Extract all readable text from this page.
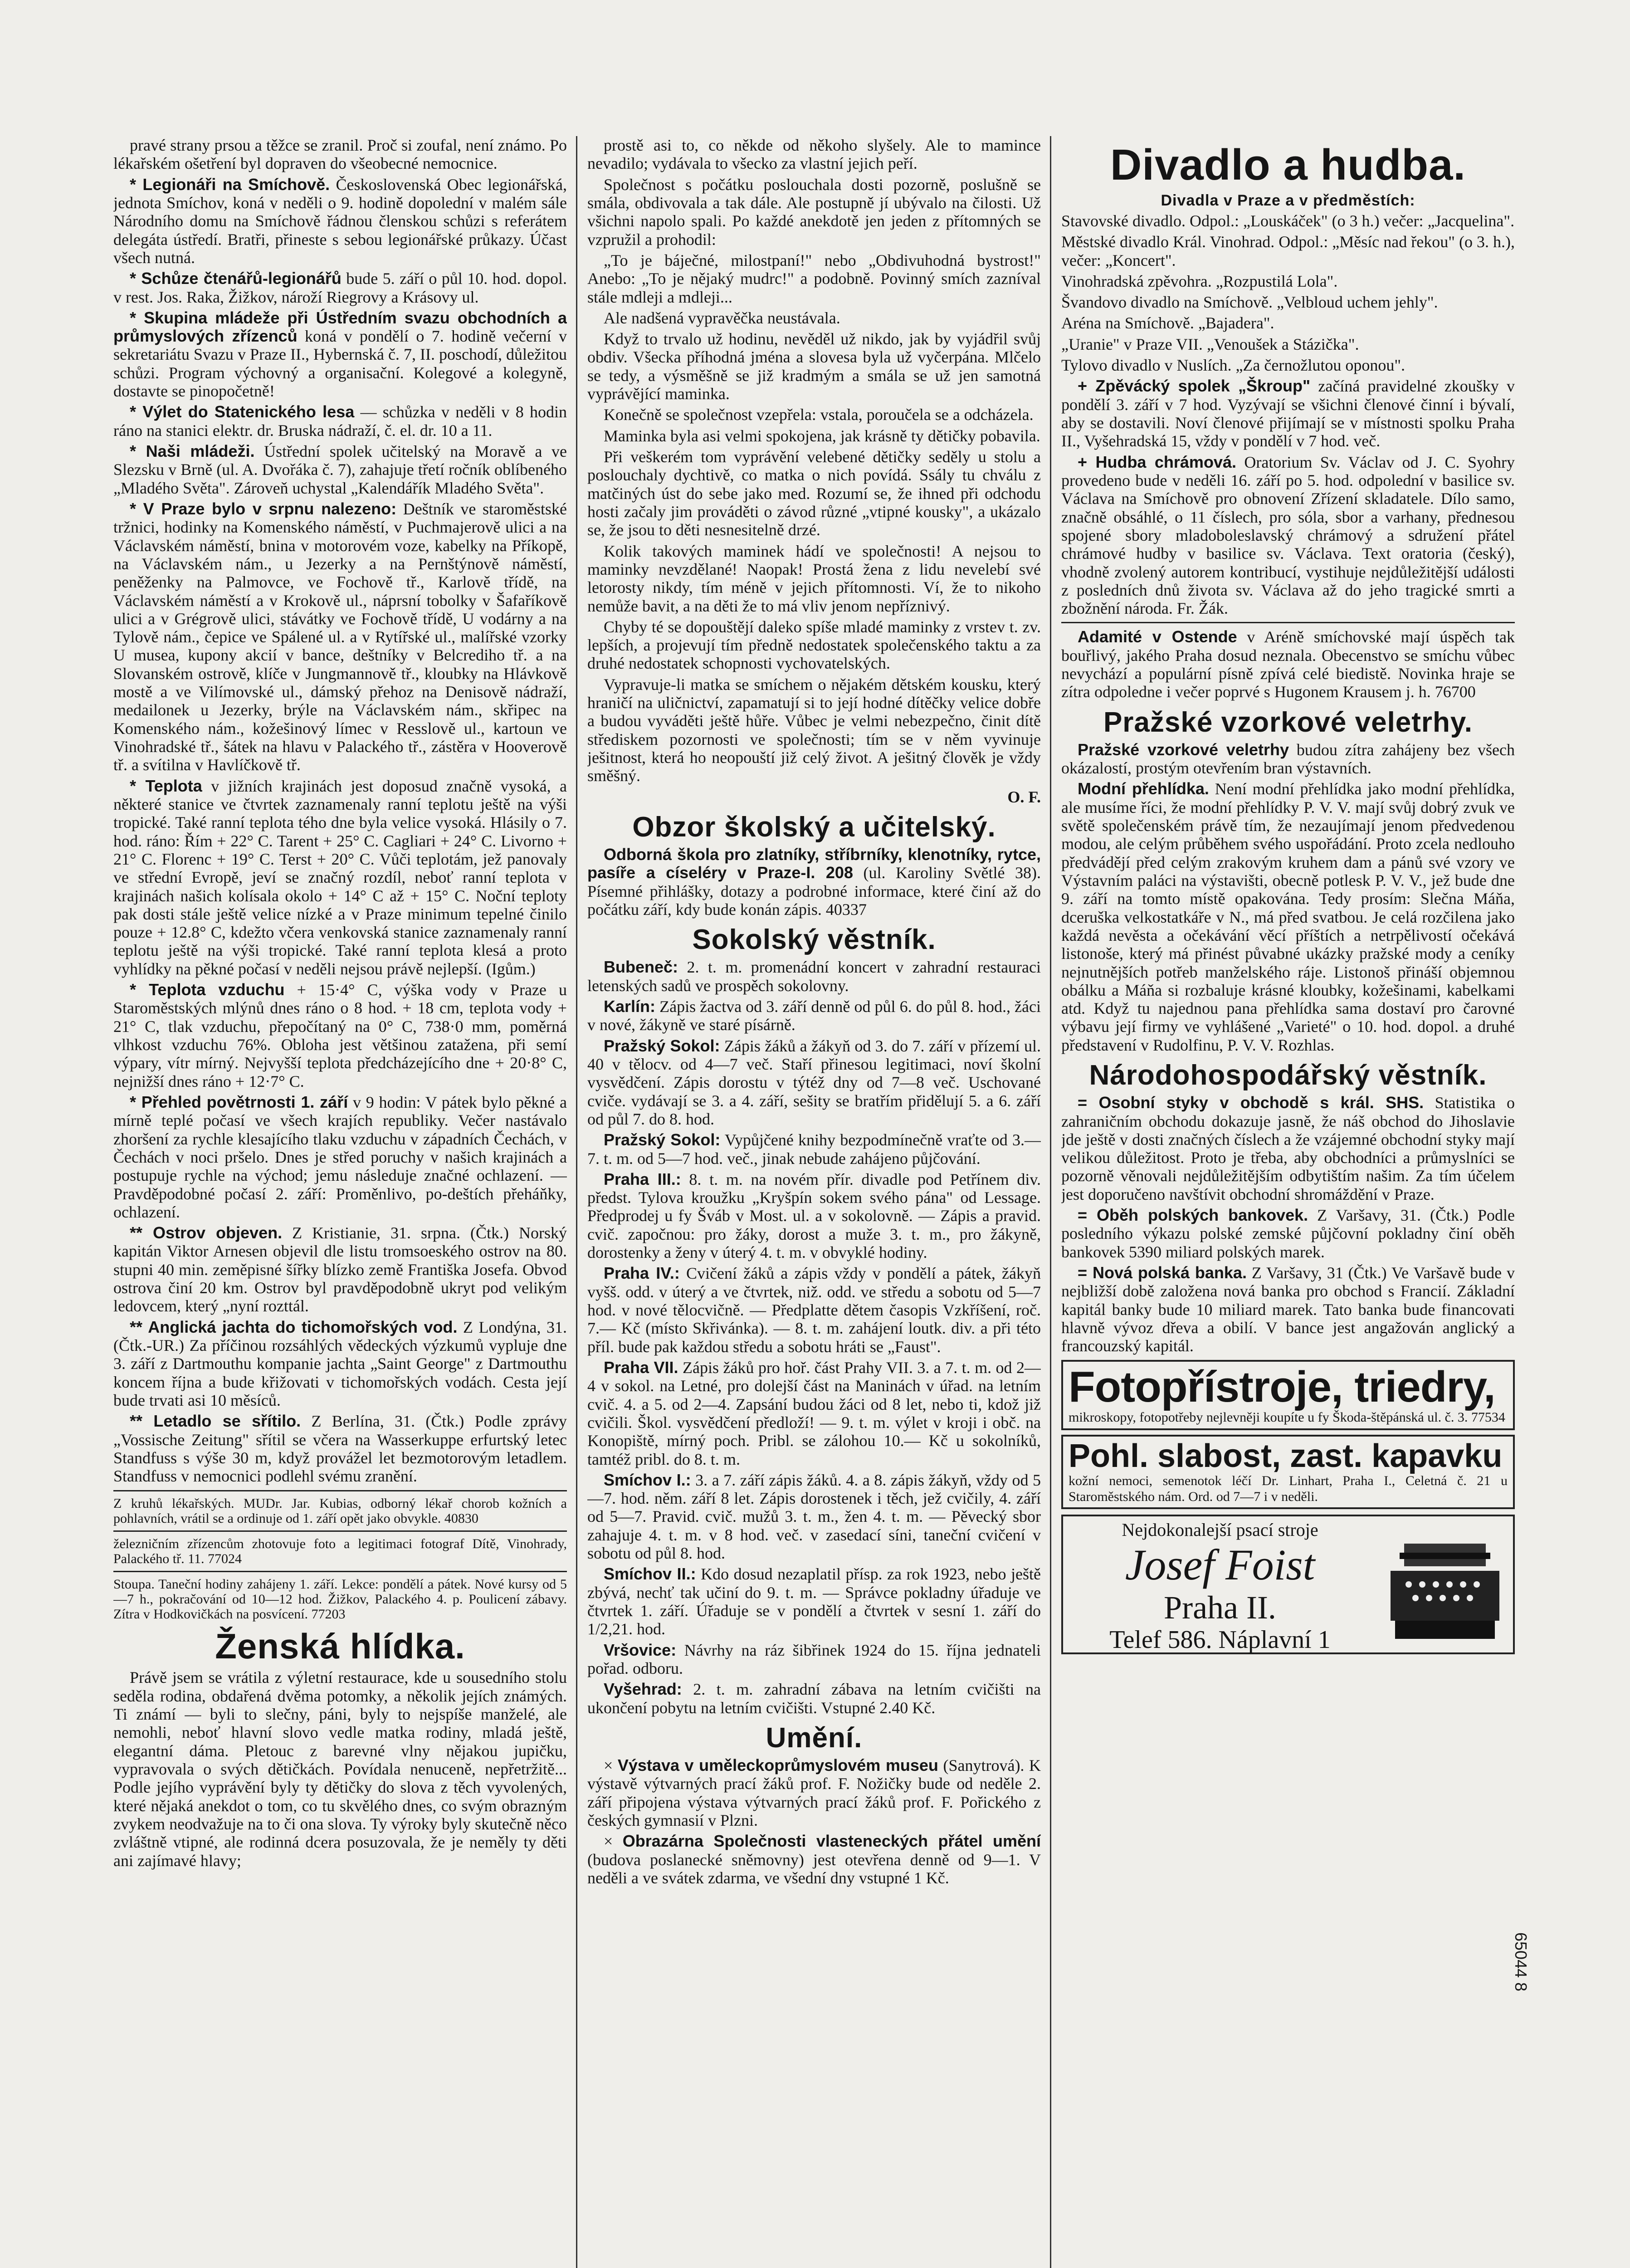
pravé strany prsou a těžce se zranil. Proč si zoufal, není známo. Po lékařském ošetření byl dopraven do všeobecné nemocnice.

* Legionáři na Smíchově. Československá Obec legionářská, jednota Smíchov, koná v neděli o 9. hodině dopolední v malém sále Národního domu na Smíchově řádnou členskou schůzi s referátem delegáta ústředí. Bratři, přineste s sebou legionářské průkazy. Účast všech nutná.

* Schůze čtenářů-legionářů bude 5. září o půl 10. hod. dopol. v rest. Jos. Raka, Žižkov, nároží Riegrovy a Krásovy ul.

* Skupina mládeže při Ústředním svazu obchodních a průmyslových zřízenců koná v pondělí o 7. hodině večerní v sekretariátu Svazu v Praze II., Hybernská č. 7, II. poschodí, důležitou schůzi. Program výchovný a organisační. Kolegové a kolegyně, dostavte se pinopočetně!

* Výlet do Statenického lesa — schůzka v neděli v 8 hodin ráno na stanici elektr. dr. Bruska nádraží, č. el. dr. 10 a 11.

* Naši mládeži. Ústřední spolek učitelský na Moravě a ve Slezsku v Brně (ul. A. Dvořáka č. 7), zahajuje třetí ročník oblíbeného „Mladého Světa". Zároveň uchystal „Kalendářík Mladého Světa".

* V Praze bylo v srpnu nalezeno: Deštník ve staroměstské tržnici, hodinky na Komenského náměstí, v Puchmajerově ulici a na Václavském náměstí, bnina v motorovém voze, kabelky na Příkopě, na Václavském nám., u Jezerky a na Pernštýnově náměstí, peněženky na Palmovce, ve Fochově tř., Karlově třídě, na Václavském náměstí a v Krokově ul., náprsní tobolky v Šafaříkově ulici a v Grégrově ulici, stávátky ve Fochově třídě, U vodárny a na Tylově nám., čepice ve Spálené ul. a v Rytířské ul., malířské vzorky U musea, kupony akcií v bance, deštníky v Belcrediho tř. a na Slovanském ostrově, klíče v Jungmannově tř., kloubky na Hlávkově mostě a ve Vilímovské ul., dámský přehoz na Denisově nádraží, medailonek u Jezerky, brýle na Václavském nám., skřipec na Komenského nám., kožešinový límec v Resslově ul., kartoun ve Vinohradské tř., šátek na hlavu v Palackého tř., zástěra v Hooverově tř. a svítilna v Havlíčkově tř.

* Teplota v jižních krajinách jest doposud značně vysoká, a některé stanice ve čtvrtek zaznamenaly ranní teplotu ještě na výši tropické. Také ranní teplota tého dne byla velice vysoká. Hlásily o 7. hod. ráno: Řím + 22° C. Tarent + 25° C. Cagliari + 24° C. Livorno + 21° C. Florenc + 19° C. Terst + 20° C. Vůči teplotám, jež panovaly ve střední Evropě, jeví se značný rozdíl, neboť ranní teplota v krajinách našich kolísala okolo + 14° C až + 15° C. Noční teploty pak dosti stále ještě velice nízké a v Praze minimum tepelné činilo pouze + 12.8° C, kdežto včera venkovská stanice zaznamenaly ranní teplotu ještě na výši tropické. Také ranní teplota klesá a proto vyhlídky na pěkné počasí v neděli nejsou právě nejlepší. (Igům.)

* Teplota vzduchu + 15·4° C, výška vody v Praze u Staroměstských mlýnů dnes ráno o 8 hod. + 18 cm, teplota vody + 21° C, tlak vzduchu, přepočítaný na 0° C, 738·0 mm, poměrná vlhkost vzduchu 76%. Obloha jest většinou zatažena, při semí výpary, vítr mírný. Nejvyšší teplota předcházejícího dne + 20·8° C, nejnižší dnes ráno + 12·7° C.

* Přehled povětrnosti 1. září v 9 hodin: V pátek bylo pěkné a mírně teplé počasí ve všech krajích republiky. Večer nastávalo zhoršení za rychle klesajícího tlaku vzduchu v západních Čechách, v Čechách v noci pršelo. Dnes je střed poruchy v našich krajinách a postupuje rychle na východ; jemu následuje značné ochlazení. — Pravděpodobné počasí 2. září: Proměnlivo, po-deštích přeháňky, ochlazení.

** Ostrov objeven. Z Kristianie, 31. srpna. (Čtk.) Norský kapitán Viktor Arnesen objevil dle listu tromsoeského ostrov na 80. stupni 40 min. zeměpisné šířky blízko země Františka Josefa. Obvod ostrova činí 20 km. Ostrov byl pravděpodobně ukryt pod velikým ledovcem, který „nyní rozttál.

** Anglická jachta do tichomořských vod. Z Londýna, 31. (Čtk.-UR.) Za příčinou rozsáhlých vědeckých výzkumů vypluje dne 3. září z Dartmouthu kompanie jachta „Saint George" z Dartmouthu koncem října a bude křižovati v tichomořských vodách. Cesta její bude trvati asi 10 měsíců.

** Letadlo se sřítilo. Z Berlína, 31. (Čtk.) Podle zprávy „Vossische Zeitung" sřítil se včera na Wasserkuppe erfurtský letec Standfuss s výše 30 m, když provážel let bezmotorovým letadlem. Standfuss v nemocnici podlehl svému zranění.

Z kruhů lékařských. MUDr. Jar. Kubias, odborný lékař chorob kožních a pohlavních, vrátil se a ordinuje od 1. září opět jako obvykle. 40830
železničním zřízencům zhotovuje foto a legitimaci fotograf Dítě, Vinohrady, Palackého tř. 11. 77024
Stoupa. Taneční hodiny zahájeny 1. září. Lekce: pondělí a pátek. Nové kursy od 5—7 h., pokračování od 10—12 hod. Žižkov, Palackého 4. p. Poulicení zábavy. Zítra v Hodkovičkách na posvícení. 77203
Ženská hlídka.

Právě jsem se vrátila z výletní restaurace, kde u sousedního stolu seděla rodina, obdařená dvěma potomky, a několik jejích známých. Ti známí — byli to slečny, páni, byly to nejspíše manželé, ale nemohli, neboť hlavní slovo vedle matka rodiny, mladá ještě, elegantní dáma. Pletouc z barevné vlny nějakou jupičku, vypravovala o svých dětičkách. Povídala nenuceně, nepřetržitě... Podle jejího vyprávění byly ty dětičky do slova z těch vyvolených, které nějaká anekdot o tom, co tu skvělého dnes, co svým obrazným zvykem neodvažuje na to či ona slova. Ty výroky byly skutečně něco zvláštně vtipné, ale rodinná dcera posuzovala, že je neměly ty děti ani zajímavé hlavy;

prostě asi to, co někde od někoho slyšely. Ale to mamince nevadilo; vydávala to všecko za vlastní jejich peří.

Společnost s počátku poslouchala dosti pozorně, poslušně se smála, obdivovala a tak dále. Ale postupně jí ubývalo na čilosti. Už všichni napolo spali. Po každé anekdotě jen jeden z přítomných se vzpružil a prohodil:

„To je báječné, milostpaní!" nebo „Obdivuhodná bystrost!" Anebo: „To je nějaký mudrc!" a podobně. Povinný smích zazníval stále mdleji a mdleji...

Ale nadšená vypravěčka neustávala.

Když to trvalo už hodinu, nevěděl už nikdo, jak by vyjádřil svůj obdiv. Všecka příhodná jména a slovesa byla už vyčerpána. Mlčelo se tedy, a výsměšně se již kradmým a smála se už jen samotná vyprávějící maminka.

Konečně se společnost vzepřela: vstala, poroučela se a odcházela.

Maminka byla asi velmi spokojena, jak krásně ty dětičky pobavila.

Při veškerém tom vyprávění velebené dětičky seděly u stolu a poslouchaly dychtivě, co matka o nich povídá. Ssály tu chválu z matčiných úst do sebe jako med. Rozumí se, že ihned při odchodu hosti začaly jim prováděti o závod různé „vtipné kousky", a ukázalo se, že jsou to děti nesnesitelně drzé.

Kolik takových maminek hádí ve společnosti! A nejsou to maminky nevzdělané! Naopak! Prostá žena z lidu nevelebí své letorosty nikdy, tím méně v jejich přítomnosti. Ví, že to nikoho nemůže bavit, a na děti že to má vliv jenom nepříznivý.

Chyby té se dopouštějí daleko spíše mladé maminky z vrstev t. zv. lepších, a projevují tím předně nedostatek společenského taktu a za druhé nedostatek schopnosti vychovatelských.

Vypravuje-li matka se smíchem o nějakém dětském kousku, který hraničí na uličnictví, zapamatují si to její hodné dítěčky velice dobře a budou vyváděti ještě hůře. Vůbec je velmi nebezpečno, činit dítě střediskem pozornosti ve společnosti; tím se v něm vyvinuje ješitnost, která ho neopouští již celý život. A ješitný člověk je vždy směšný.

O. F.
Obzor školský a učitelský.

Odborná škola pro zlatníky, stříbrníky, klenotníky, rytce, pasíře a císeléry v Praze-I. 208 (ul. Karoliny Světlé 38). Písemné přihlášky, dotazy a podrobné informace, které činí až do počátku září, kdy bude konán zápis. 40337

Sokolský věstník.

Bubeneč: 2. t. m. promenádní koncert v zahradní restauraci letenských sadů ve prospěch sokolovny.

Karlín: Zápis žactva od 3. září denně od půl 6. do půl 8. hod., žáci v nové, žákyně ve staré písárně.

Pražský Sokol: Zápis žáků a žákyň od 3. do 7. září v přízemí ul. 40 v tělocv. od 4—7 več. Staří přinesou legitimaci, noví školní vysvědčení. Zápis dorostu v týtéž dny od 7—8 več. Uschované cviče. vydávají se 3. a 4. září, sešity se bratřím přidělují 5. a 6. září od půl 7. do 8. hod.

Pražský Sokol: Vypůjčené knihy bezpodmínečně vraťte od 3.—7. t. m. od 5—7 hod. več., jinak nebude zahájeno půjčování.

Praha III.: 8. t. m. na novém přír. divadle pod Petřínem div. předst. Tylova kroužku „Kryšpín sokem svého pána" od Lessage. Předprodej u fy Šváb v Most. ul. a v sokolovně. — Zápis a pravid. cvič. započnou: pro žáky, dorost a muže 3. t. m., pro žákyně, dorostenky a ženy v úterý 4. t. m. v obvyklé hodiny.

Praha IV.: Cvičení žáků a zápis vždy v pondělí a pátek, žákyň vyšš. odd. v úterý a ve čtvrtek, niž. odd. ve středu a sobotu od 5—7 hod. v nové tělocvičně. — Předplatte dětem časopis Vzkříšení, roč. 7.— Kč (místo Skřivánka). — 8. t. m. zahájení loutk. div. a při této příl. bude pak každou středu a sobotu hráti se „Faust".

Praha VII. Zápis žáků pro hoř. část Prahy VII. 3. a 7. t. m. od 2—4 v sokol. na Letné, pro dolejší část na Maninách v úřad. na letním cvič. 4. a 5. od 2—4. Zapsání budou žáci od 8 let, nebo ti, kdož již cvičili. Škol. vysvědčení předloží! — 9. t. m. výlet v kroji i obč. na Konopiště, mírný poch. Pribl. se zálohou 10.— Kč u sokolníků, tamtéž pribl. do 8. t. m.

Smíchov I.: 3. a 7. září zápis žáků. 4. a 8. zápis žákyň, vždy od 5—7. hod. něm. září 8 let. Zápis dorostenek i těch, jež cvičily, 4. září od 5—7. Pravid. cvič. mužů 3. t. m., žen 4. t. m. — Pěvecký sbor zahajuje 4. t. m. v 8 hod. več. v zasedací síni, taneční cvičení v sobotu od půl 8. hod.

Smíchov II.: Kdo dosud nezaplatil přísp. za rok 1923, nebo ještě zbývá, nechť tak učiní do 9. t. m. — Správce pokladny úřaduje ve čtvrtek 1. září. Úřaduje se v pondělí a čtvrtek v sesní 1. září do 1/2,21. hod.

Vršovice: Návrhy na ráz šibřinek 1924 do 15. října jednateli pořad. odboru.

Vyšehrad: 2. t. m. zahradní zábava na letním cvičišti na ukončení pobytu na letním cvičišti. Vstupné 2.40 Kč.

Umění.

× Výstava v uměleckoprůmyslovém museu (Sanytrová). K výstavě výtvarných prací žáků prof. F. Nožičky bude od neděle 2. září připojena výstava výtvarných prací žáků prof. F. Pořického z českých gymnasií v Plzni.

× Obrazárna Společnosti vlasteneckých přátel umění (budova poslanecké sněmovny) jest otevřena denně od 9—1. V neděli a ve svátek zdarma, ve všední dny vstupné 1 Kč.

Divadlo a hudba.
Divadla v Praze a v předměstích:

Stavovské divadlo. Odpol.: „Louskáček" (o 3 h.) večer: „Jacquelina".

Městské divadlo Král. Vinohrad. Odpol.: „Měsíc nad řekou" (o 3. h.), večer: „Koncert".

Vinohradská zpěvohra. „Rozpustilá Lola".

Švandovo divadlo na Smíchově. „Velbloud uchem jehly".

Aréna na Smíchově. „Bajadera".

„Uranie" v Praze VII. „Venoušek a Stázička".

Tylovo divadlo v Nuslích. „Za černožlutou oponou".

+ Zpěvácký spolek „Škroup" začíná pravidelné zkoušky v pondělí 3. září v 7 hod. Vyzývají se všichni členové činní i bývalí, aby se dostavili. Noví členové přijímají se v místnosti spolku Praha II., Vyšehradská 15, vždy v pondělí v 7 hod. več.

+ Hudba chrámová. Oratorium Sv. Václav od J. C. Syohry provedeno bude v neděli 16. září po 5. hod. odpolední v basilice sv. Václava na Smíchově pro obnovení Zřízení skladatele. Dílo samo, značně obsáhlé, o 11 číslech, pro sóla, sbor a varhany, přednesou spojené sbory mladoboleslavský chrámový a sdružení přátel chrámové hudby v basilice sv. Václava. Text oratoria (český), vhodně zvolený autorem kontribucí, vystihuje nejdůležitější události z posledních dnů života sv. Václava až do jeho tragické smrti a zbožnění národa. Fr. Žák.

Adamité v Ostende v Aréně smíchovské mají úspěch tak bouřlivý, jakého Praha dosud neznala. Obecenstvo se smíchu vůbec nevychází a populární písně zpívá celé biedistě. Novinka hraje se zítra odpoledne i večer poprvé s Hugonem Krausem j. h. 76700

Pražské vzorkové veletrhy.

Pražské vzorkové veletrhy budou zítra zahájeny bez všech okázalostí, prostým otevřením bran výstavních.

Modní přehlídka. Není modní přehlídka jako modní přehlídka, ale musíme říci, že modní přehlídky P. V. V. mají svůj dobrý zvuk ve světě společenském právě tím, že nezaujímají jenom předvedenou modou, ale celým průběhem svého uspořádání. Proto zcela nedlouho předvádějí před celým zrakovým kruhem dam a pánů své vzory ve Výstavním paláci na výstavišti, obecně potlesk P. V. V., jež bude dne 9. září na tomto místě opakována. Tedy prosím: Slečna Máňa, dceruška velkostatkáře v N., má před svatbou. Je celá rozčilena jako každá nevěsta a očekávání věcí příštích a netrpělivostí očekává listonoše, který má přinést půvabné ukázky pražské mody a ceníky nejnutnějších potřeb manželského ráje. Listonoš přináší objemnou obálku a Máňa si rozbaluje krásné kloubky, kožešinami, kabelkami atd. Když tu najednou pana přehlídka sama dostaví pro čarovné výbavu její firmy ve vyhlášené „Varieté" o 10. hod. dopol. a druhé představení v Rudolfinu, P. V. V. Rozhlas.

Národohospodářský věstník.

= Osobní styky v obchodě s král. SHS. Statistika o zahraničním obchodu dokazuje jasně, že náš obchod do Jihoslavie jde ještě v dosti značných číslech a že vzájemné obchodní styky mají velikou důležitost. Proto je třeba, aby obchodníci a průmyslníci se pozorně věnovali nejdůležitějším odbytištím našim. Za tím účelem jest doporučeno navštívit obchodní shromáždění v Praze.

= Oběh polských bankovek. Z Varšavy, 31. (Čtk.) Podle posledního výkazu polské zemské půjčovní pokladny činí oběh bankovek 5390 miliard polských marek.

= Nová polská banka. Z Varšavy, 31 (Čtk.) Ve Varšavě bude v nejbližší době založena nová banka pro obchod s Francií. Základní kapitál banky bude 10 miliard marek. Tato banka bude financovati hlavně vývoz dřeva a obilí. V bance jest angažován anglický a francouzský kapitál.

Fotopřístroje, triedry,
mikroskopy, fotopotřeby nejlevněji koupíte u fy Škoda-štěpánská ul. č. 3. 77534
Pohl. slabost, zast. kapavku
kožní nemoci, semenotok léčí Dr. Linhart, Praha I., Celetná č. 21 u Staroměstského nám. Ord. od 7—7 i v neděli.
Nejdokonalejší psací stroje
Josef Foist
Praha II.
Telef 586. Náplavní 1
65044 8
